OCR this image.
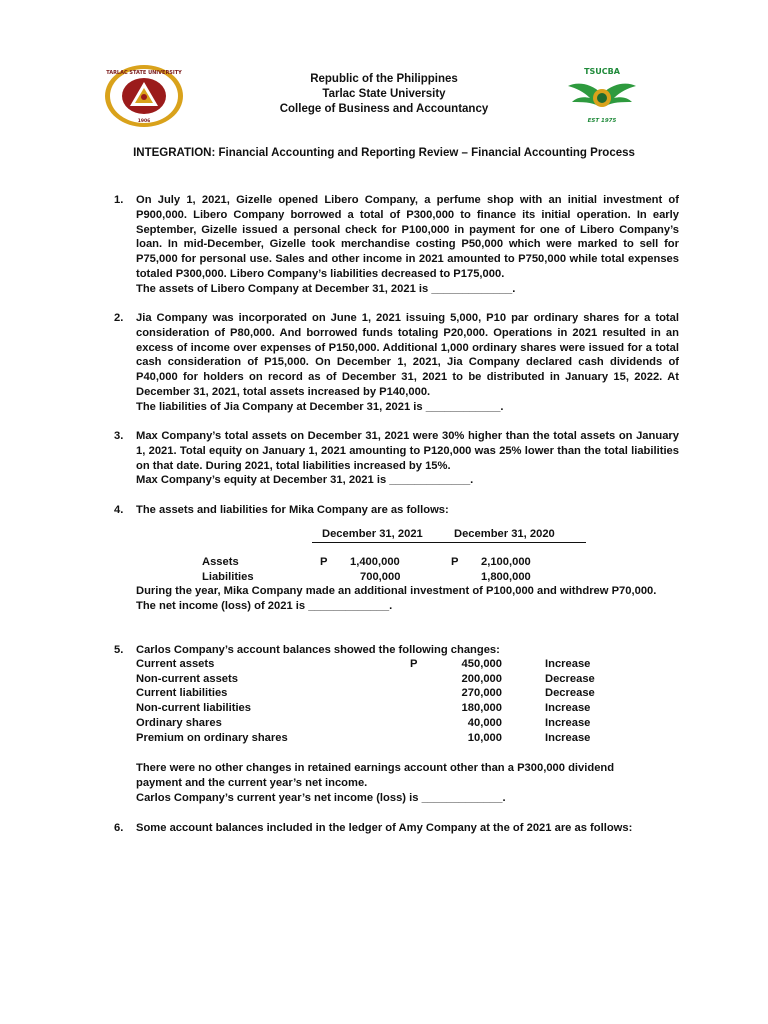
TARLAC STATE UNIVERSITY
1906
Republic of the Philippines
Tarlac State University
College of Business and Accountancy
TSUCBA
EST 1975
INTEGRATION: Financial Accounting and Reporting Review – Financial Accounting Process
1. On July 1, 2021, Gizelle opened Libero Company, a perfume shop with an initial investment of P900,000. Libero Company borrowed a total of P300,000 to finance its initial operation. In early September, Gizelle issued a personal check for P100,000 in payment for one of Libero Company’s loan. In mid-December, Gizelle took merchandise costing P50,000 which were marked to sell for P75,000 for personal use. Sales and other income in 2021 amounted to P750,000 while total expenses totaled P300,000. Libero Company’s liabilities decreased to P175,000.

The assets of Libero Company at December 31, 2021 is _____________.

2. Jia Company was incorporated on June 1, 2021 issuing 5,000, P10 par ordinary shares for a total consideration of P80,000. And borrowed funds totaling P20,000. Operations in 2021 resulted in an excess of income over expenses of P150,000. Additional 1,000 ordinary shares were issued for a total cash consideration of P15,000. On December 1, 2021, Jia Company declared cash dividends of P40,000 for holders on record as of December 31, 2021 to be distributed in January 15, 2022. At December 31, 2021, total assets increased by P140,000.

The liabilities of Jia Company at December 31, 2021 is ____________.

3. Max Company’s total assets on December 31, 2021 were 30% higher than the total assets on January 1, 2021. Total equity on January 1, 2021 amounting to P120,000 was 25% lower than the total liabilities on that date. During 2021, total liabilities increased by 15%.

Max Company’s equity at December 31, 2021 is _____________.

4. The assets and liabilities for Mika Company are as follows:

December 31, 2021	December 31, 2020
Assets	P 1,400,000	P 2,100,000
Liabilities	700,000	1,800,000

During the year, Mika Company made an additional investment of P100,000 and withdrew P70,000.

The net income (loss) of 2021 is _____________.

5. Carlos Company’s account balances showed the following changes:

Current assets	P	450,000	Increase
Non-current assets	200,000	Decrease
Current liabilities	270,000	Decrease
Non-current liabilities	180,000	Increase
Ordinary shares	40,000	Increase
Premium on ordinary shares	10,000	Increase

There were no other changes in retained earnings account other than a P300,000 dividend payment and the current year’s net income.

Carlos Company’s current year’s net income (loss) is _____________.

6. Some account balances included in the ledger of Amy Company at the of 2021 are as follows:
